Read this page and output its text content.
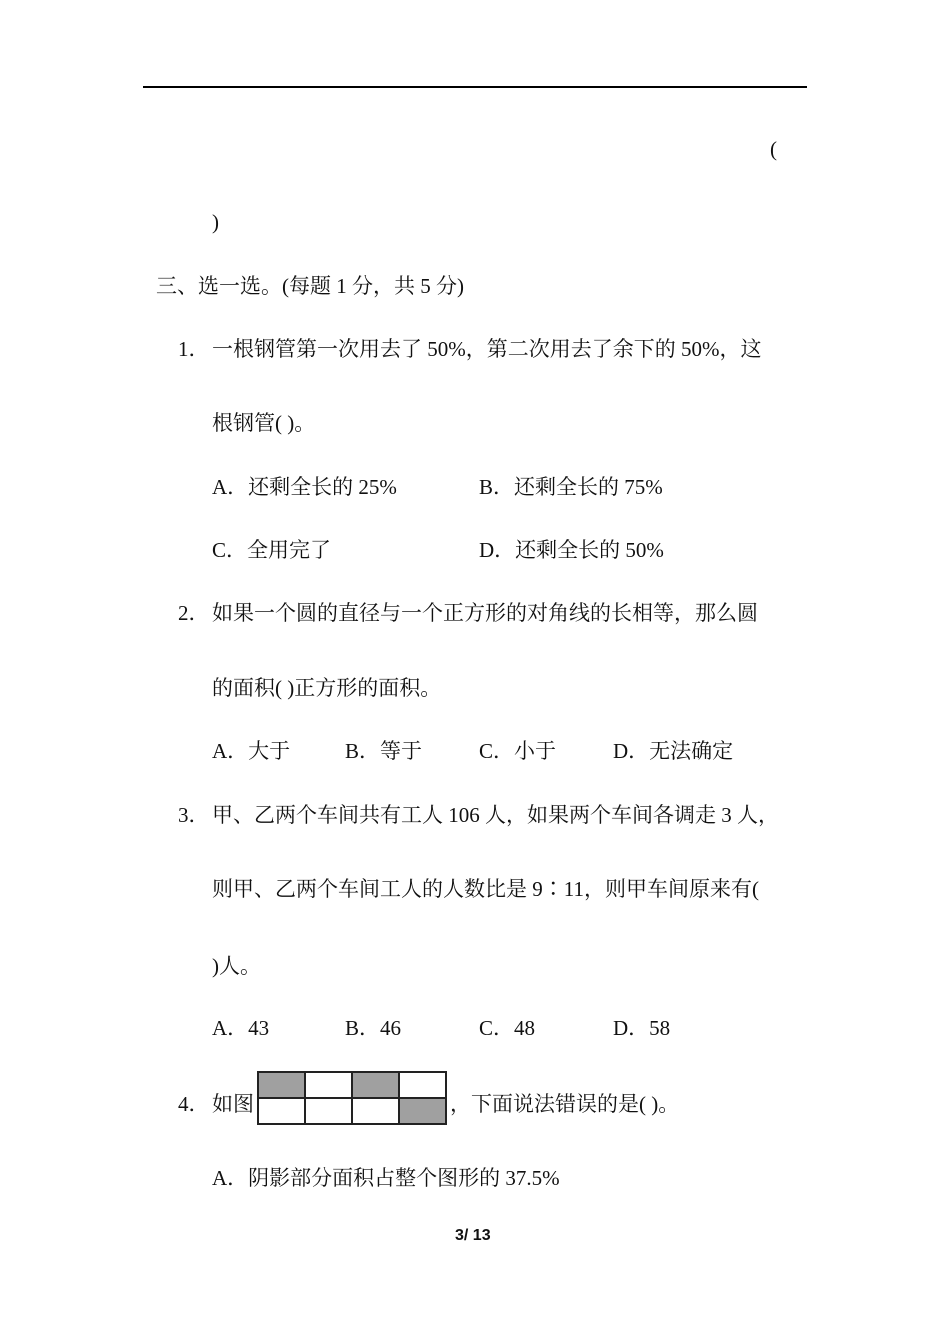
(
)
三、选一选。(每题 1 分，共 5 分)
1． 一根钢管第一次用去了 50%，第二次用去了余下的 50%，这
根钢管( )。
A．还剩全长的 25%	B．还剩全长的 75%
C．全用完了	D．还剩全长的 50%
2． 如果一个圆的直径与一个正方形的对角线的长相等，那么圆
的面积( )正方形的面积。
A．大于	B．等于	C．小于	D．无法确定
3． 甲、乙两个车间共有工人 106 人，如果两个车间各调走 3 人，
则甲、乙两个车间工人的人数比是 9∶11，则甲车间原来有(
)人。
A．43	B．46	C．48	D．58
4． 如图	，下面说法错误的是( )。
A．阴影部分面积占整个图形的 37.5%
3/ 13
